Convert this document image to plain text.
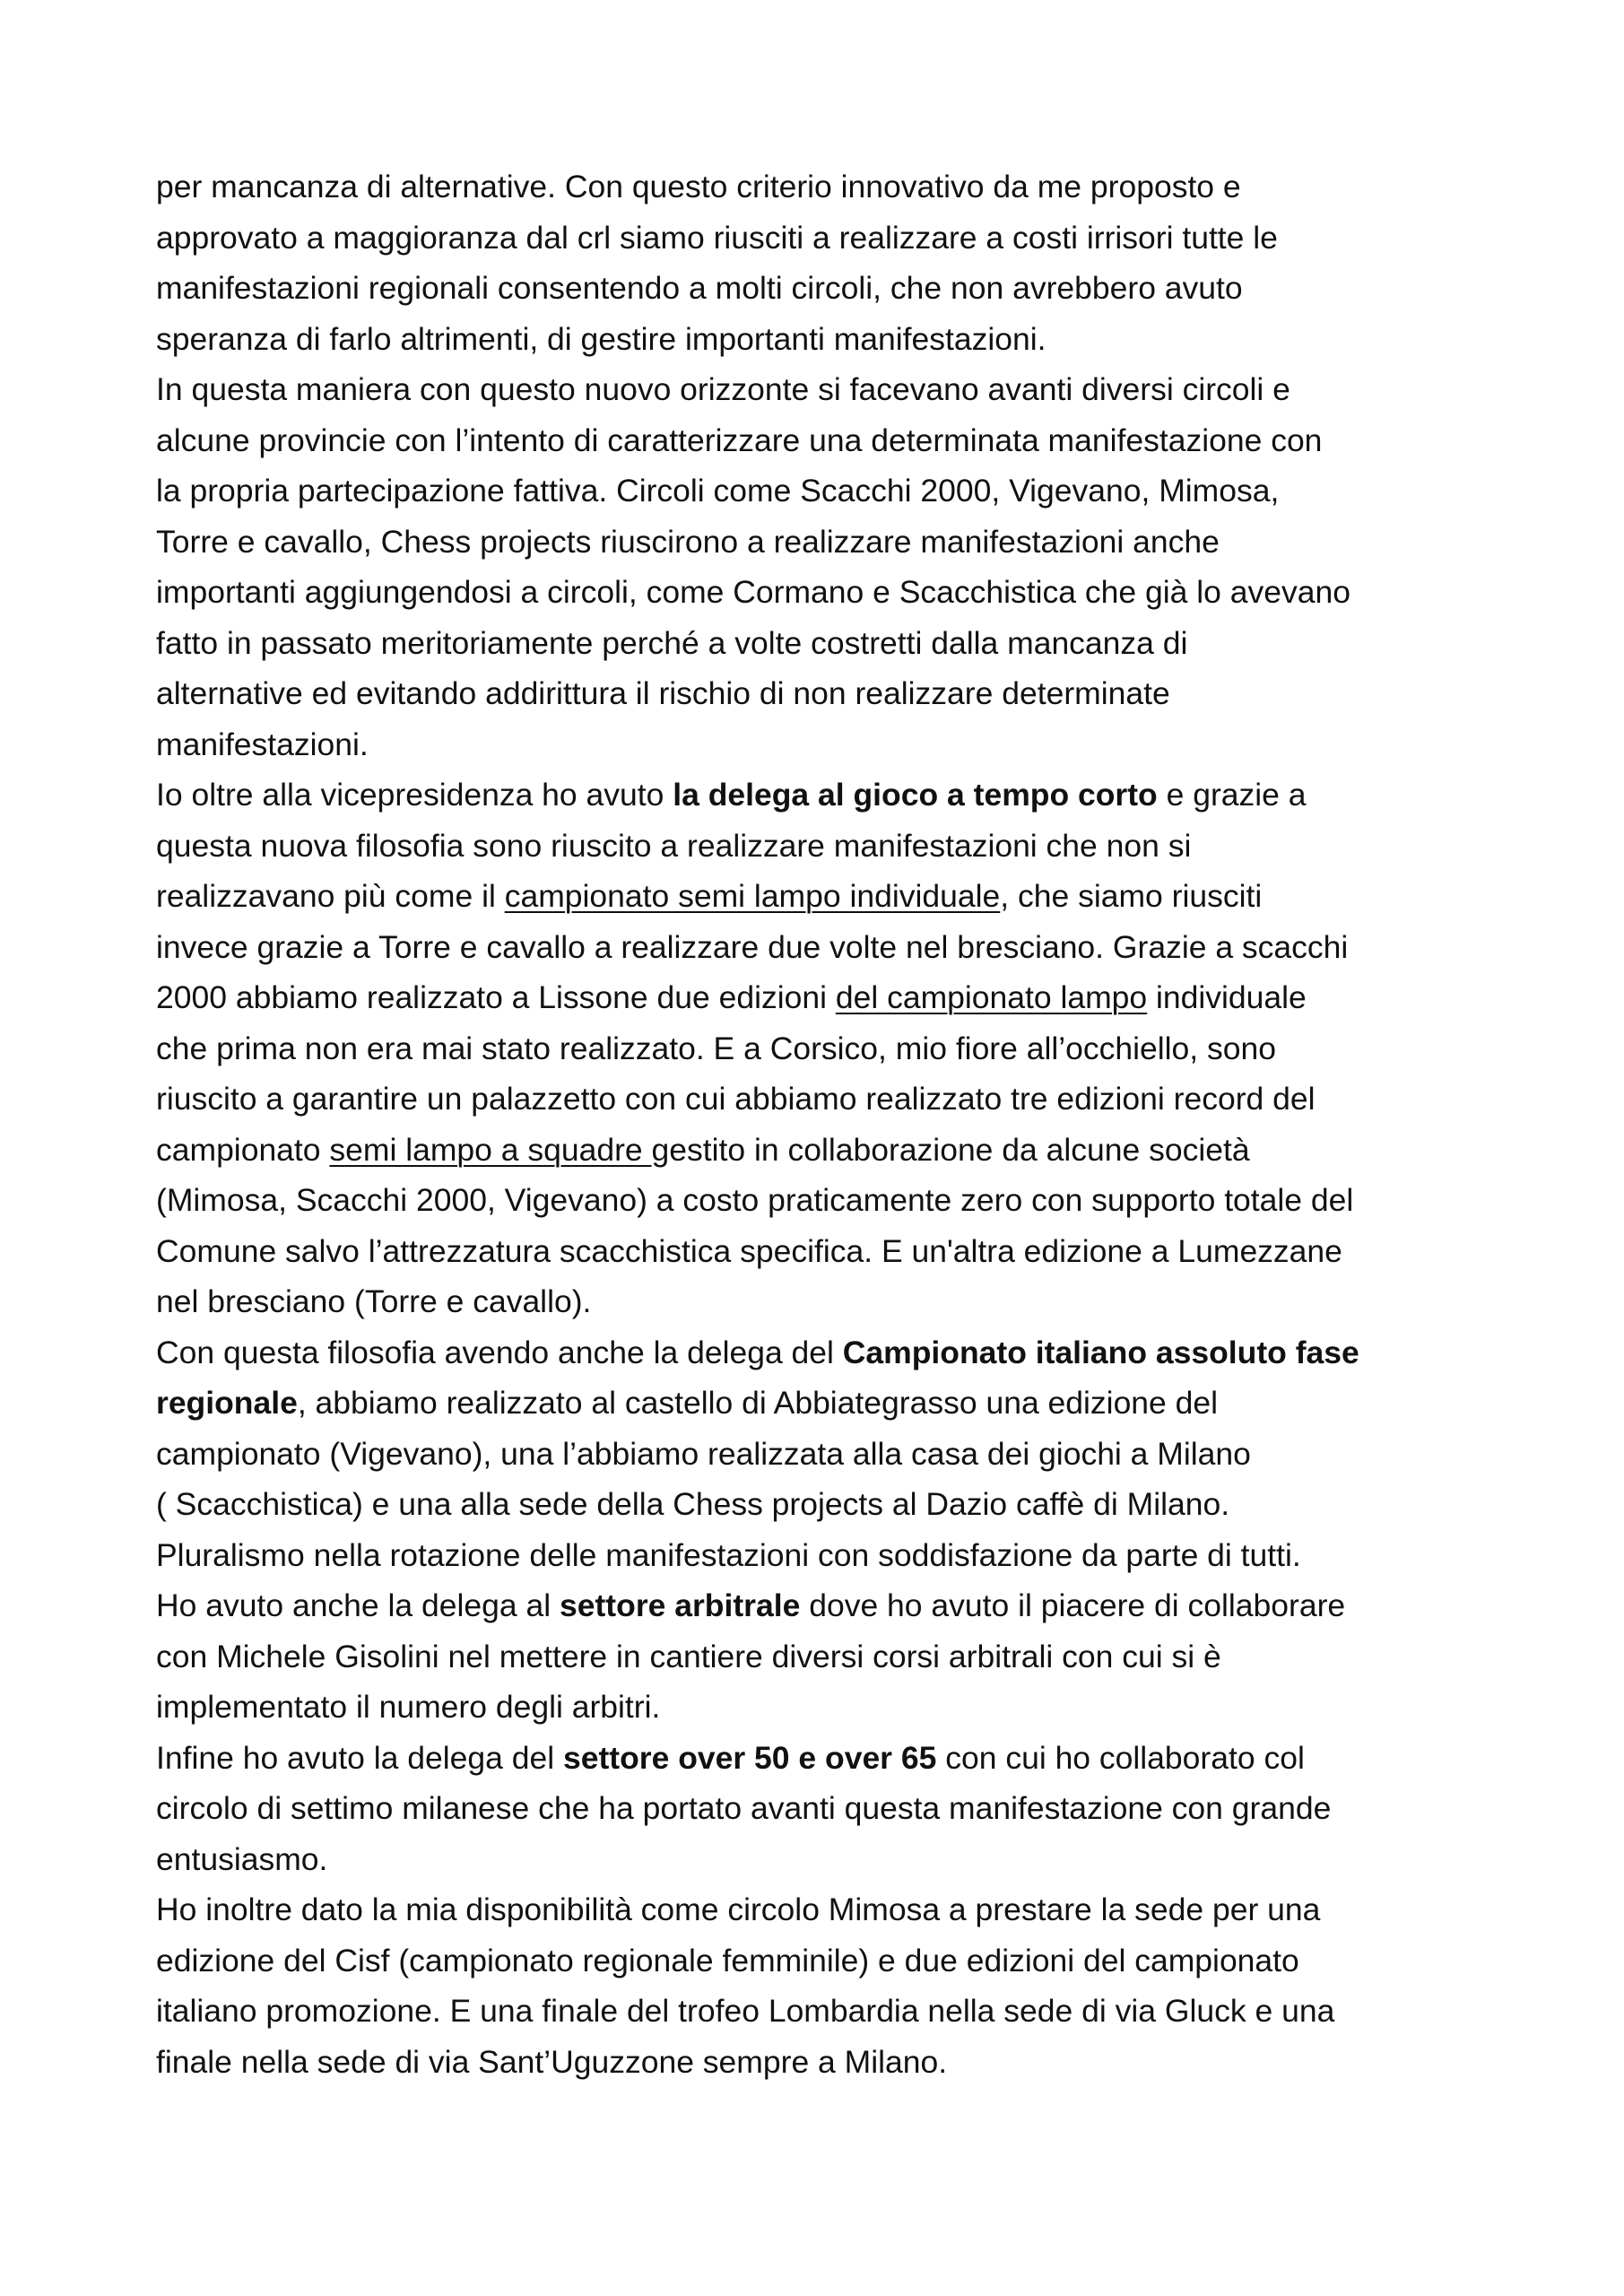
per mancanza di alternative. Con questo criterio innovativo da me proposto e
approvato a maggioranza dal crl siamo riusciti a realizzare a costi irrisori tutte le
manifestazioni regionali consentendo a molti circoli, che non avrebbero avuto
speranza di farlo altrimenti, di gestire importanti manifestazioni.
In questa maniera con questo nuovo orizzonte si facevano avanti diversi circoli e
alcune provincie con l’intento di caratterizzare una determinata manifestazione con
la propria partecipazione fattiva. Circoli come Scacchi 2000, Vigevano, Mimosa,
Torre e cavallo, Chess projects riuscirono a realizzare manifestazioni anche
importanti aggiungendosi a circoli, come Cormano e Scacchistica che già lo avevano
fatto in passato meritoriamente perché a volte costretti dalla mancanza di
alternative ed evitando addirittura il rischio di non realizzare determinate
manifestazioni.
Io oltre alla vicepresidenza ho avuto la delega al gioco a tempo corto e grazie a
questa nuova filosofia sono riuscito a realizzare manifestazioni che non si
realizzavano più come il campionato semi lampo individuale, che siamo riusciti
invece grazie a Torre e cavallo a realizzare due volte nel bresciano. Grazie a scacchi
2000 abbiamo realizzato a Lissone due edizioni del campionato lampo individuale
che prima non era mai stato realizzato. E a Corsico, mio fiore all’occhiello, sono
riuscito a garantire un palazzetto con cui abbiamo realizzato tre edizioni record del
campionato semi lampo a squadre gestito in collaborazione da alcune società
(Mimosa, Scacchi 2000, Vigevano) a costo praticamente zero con supporto totale del
Comune salvo l’attrezzatura scacchistica specifica. E un'altra edizione a Lumezzane
nel bresciano (Torre e cavallo).
Con questa filosofia avendo anche la delega del Campionato italiano assoluto fase
regionale, abbiamo realizzato al castello di Abbiategrasso una edizione del
campionato (Vigevano), una l’abbiamo realizzata alla casa dei giochi a Milano
( Scacchistica) e una alla sede della Chess projects al Dazio caffè di Milano.
Pluralismo nella rotazione delle manifestazioni con soddisfazione da parte di tutti.
Ho avuto anche la delega al settore arbitrale dove ho avuto il piacere di collaborare
con Michele Gisolini nel mettere in cantiere diversi corsi arbitrali con cui si è
implementato il numero degli arbitri.
Infine ho avuto la delega del settore over 50 e over 65 con cui ho collaborato col
circolo di settimo milanese che ha portato avanti questa manifestazione con grande
entusiasmo.
Ho inoltre dato la mia disponibilità come circolo Mimosa a prestare la sede per una
edizione del Cisf (campionato regionale femminile) e due edizioni del campionato
italiano promozione. E una finale del trofeo Lombardia nella sede di via Gluck e una
finale nella sede di via Sant’Uguzzone sempre a Milano.
